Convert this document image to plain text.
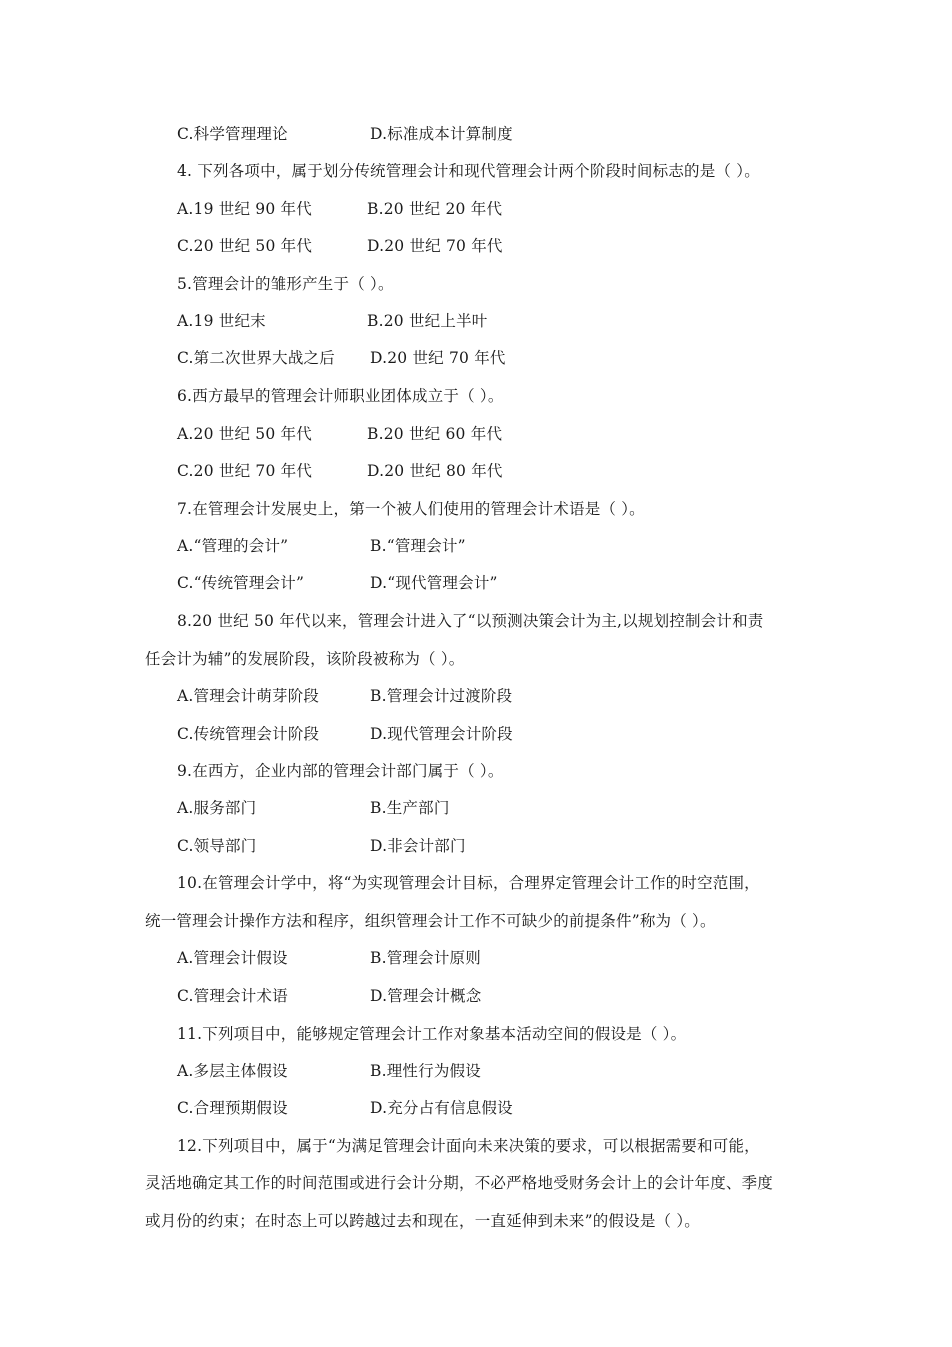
C.科学管理理论	D.标准成本计算制度
4. 下列各项中，属于划分传统管理会计和现代管理会计两个阶段时间标志的是（ ）。
A.19 世纪 90 年代	B.20 世纪 20 年代
C.20 世纪 50 年代	D.20 世纪 70 年代
5.管理会计的雏形产生于（ ）。
A.19 世纪末	B.20 世纪上半叶
C.第二次世界大战之后 D.20 世纪 70 年代
6.西方最早的管理会计师职业团体成立于（ ）。
A.20 世纪 50 年代	B.20 世纪 60 年代
C.20 世纪 70 年代	D.20 世纪 80 年代
7.在管理会计发展史上，第一个被人们使用的管理会计术语是（ ）。
A.“管理的会计”	B.“管理会计”
C.“传统管理会计”	D.“现代管理会计”
8.20 世纪 50 年代以来，管理会计进入了“以预测决策会计为主,以规划控制会计和责
任会计为辅”的发展阶段，该阶段被称为（ ）。
A.管理会计萌芽阶段	B.管理会计过渡阶段
C.传统管理会计阶段	D.现代管理会计阶段
9.在西方，企业内部的管理会计部门属于（ ）。
A.服务部门	B.生产部门
C.领导部门	D.非会计部门
10.在管理会计学中，将“为实现管理会计目标，合理界定管理会计工作的时空范围，
统一管理会计操作方法和程序，组织管理会计工作不可缺少的前提条件”称为（ ）。
A.管理会计假设	B.管理会计原则
C.管理会计术语	D.管理会计概念
11.下列项目中，能够规定管理会计工作对象基本活动空间的假设是（ ）。
A.多层主体假设	B.理性行为假设
C.合理预期假设	D.充分占有信息假设
12.下列项目中，属于“为满足管理会计面向未来决策的要求，可以根据需要和可能，
灵活地确定其工作的时间范围或进行会计分期，不必严格地受财务会计上的会计年度、季度
或月份的约束；在时态上可以跨越过去和现在，一直延伸到未来”的假设是（ ）。
